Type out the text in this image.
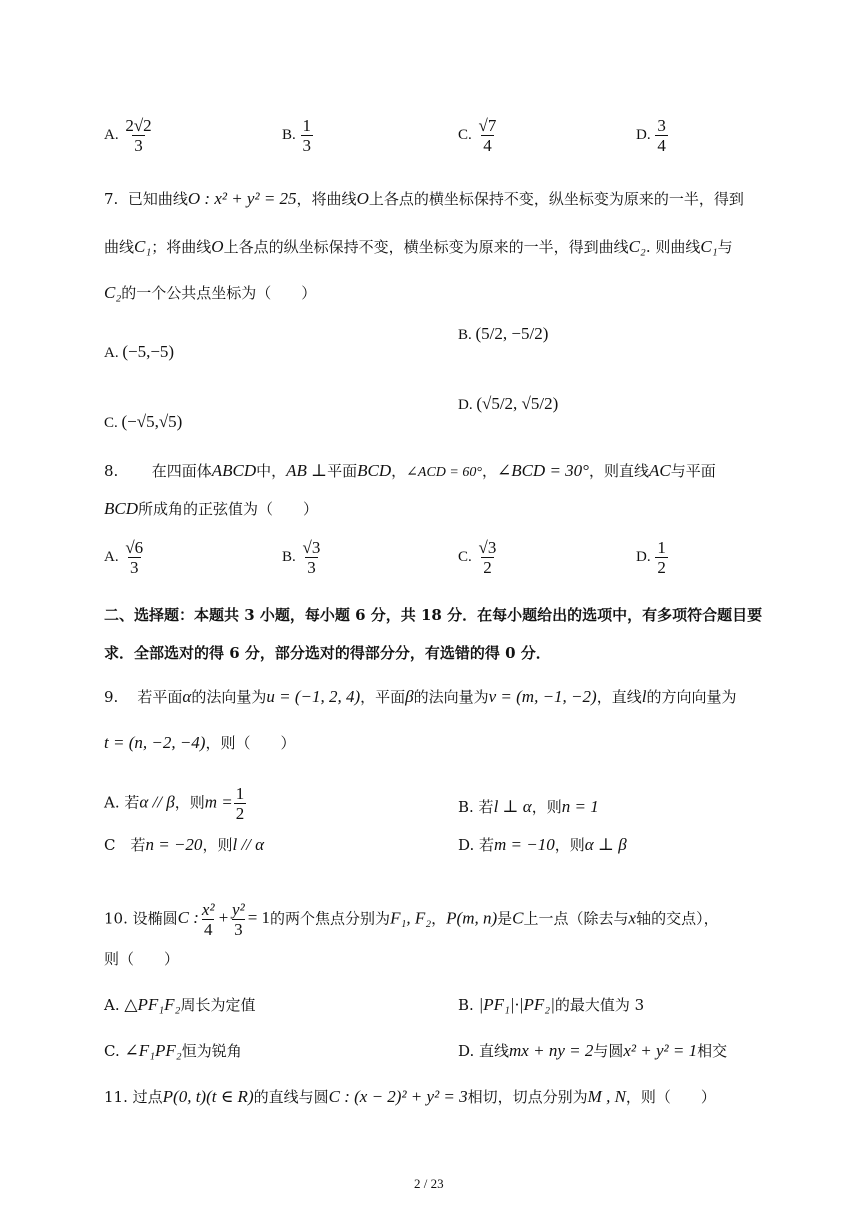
A. $\frac{2√2}{3}$	B. $\frac{1}{3}$	C. $\frac{√7}{4}$	D. $\frac{3}{4}$
7. 已知曲线O : x² + y² = 25，将曲线O上各点的横坐标保持不变，纵坐标变为原来的一半，得到
曲线C₁；将曲线O上各点的纵坐标保持不变，横坐标变为原来的一半，得到曲线C₂. 则曲线C₁与
C₂的一个公共点坐标为（　　）
A. (−5,−5)
B. (5/2, −5/2)
C. (−√5,√5)
D. (√5/2, √5/2)
8. 在四面体ABCD中，AB ⊥平面BCD，∠ACD = 60°，∠BCD = 30°，则直线AC与平面
BCD所成角的正弦值为（　　）
A. $\frac{√6}{3}$	B. $\frac{√3}{3}$	C. $\frac{√3}{2}$	D. $\frac{1}{2}$
二、选择题：本题共 3 小题，每小题 6 分，共 18 分．在每小题给出的选项中，有多项符合题目要
求．全部选对的得 6 分，部分选对的得部分分，有选错的得 0 分．
9. 若平面α的法向量为u = (−1, 2, 4)，平面β的法向量为v = (m, −1, −2)，直线l的方向向量为
t = (n, −2, −4)，则（　　）
A. 若α // β，则$m = \frac{1}{2}$	B. 若l ⊥ α，则n = 1
C　若n = −20，则l // α	D. 若m = −10，则α ⊥ β
10. 设椭圆C : $\frac{\text{x²}}{4} + \frac{\text{y²}}{3} = 1$的两个焦点分别为F₁, F₂，P(m, n)是C上一点（除去与x轴的交点），
则（　　）
A. △PF₁F₂周长为定值	B. |PF₁|·|PF₂|的最大值为 3
C. ∠F₁PF₂恒为锐角	D. 直线mx + ny = 2与圆x² + y² = 1相交
11. 过点P(0, t)(t ∈ R)的直线与圆C : (x − 2)² + y² = 3相切，切点分别为M , N，则（　　）
2 / 23
